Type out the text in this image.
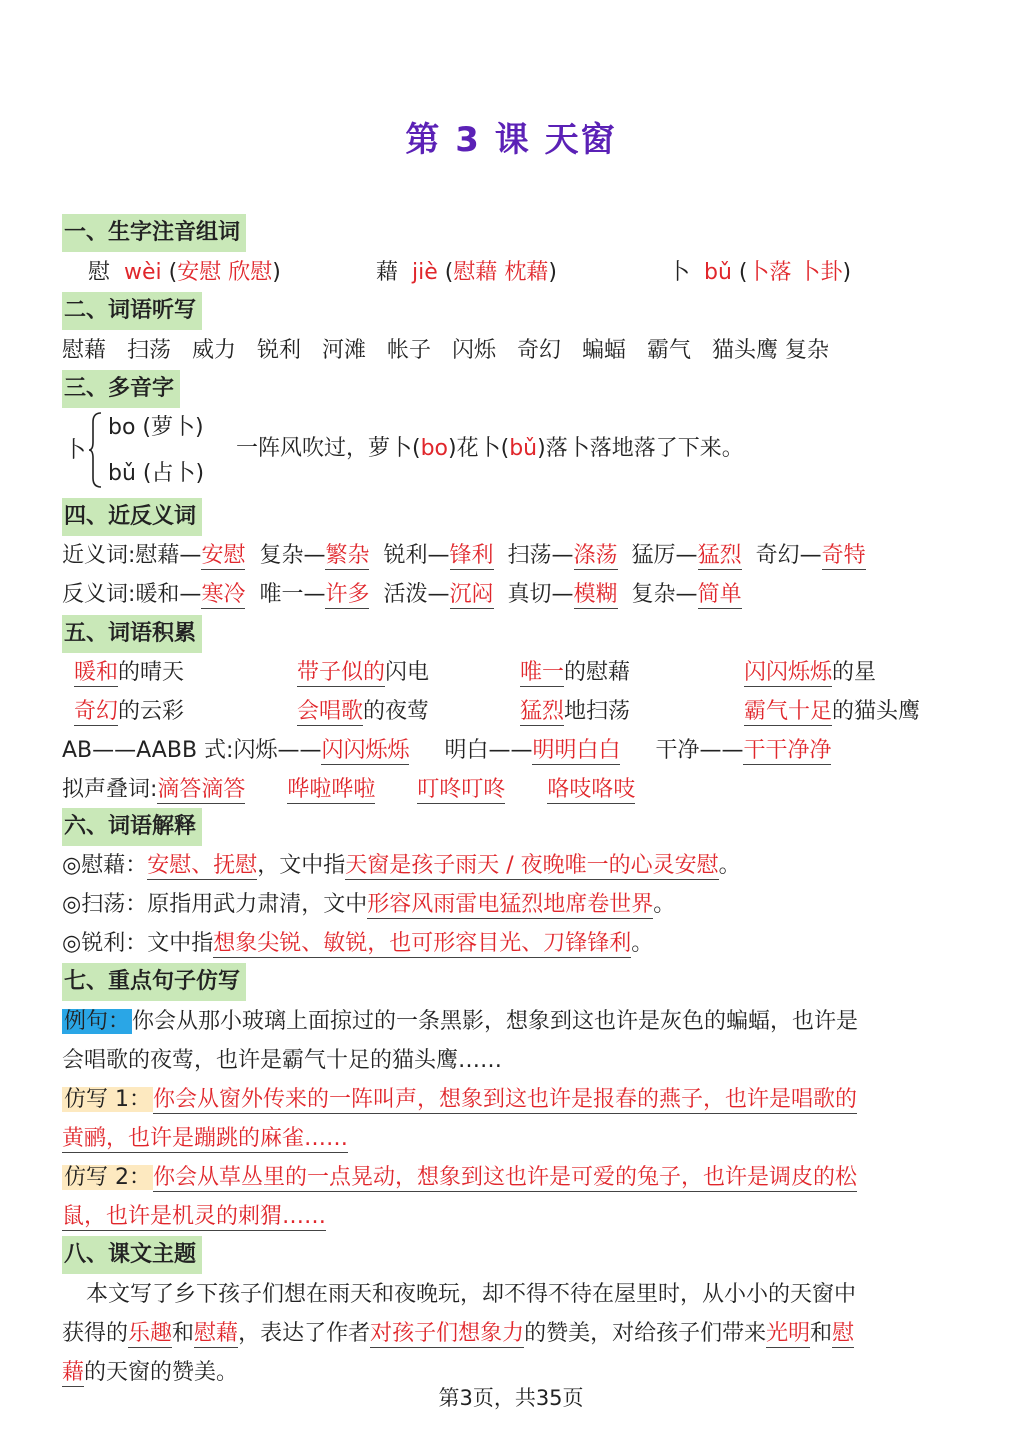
第 3 课 天窗
一、生字注音组词
慰 wèi (安慰 欣慰)	藉 jiè (慰藉 枕藉)	卜 bǔ (卜落 卜卦)
二、词语听写
慰藉 扫荡 威力 锐利 河滩 帐子 闪烁 奇幻 蝙蝠 霸气 猫头鹰 复杂
三、多音字
卜
bo (萝卜)
bǔ (占卜)
一阵风吹过，萝卜(bo)花卜(bǔ)落卜落地落了下来。
四、近反义词
近义词:慰藉—安慰 复杂—繁杂 锐利—锋利 扫荡—涤荡 猛厉—猛烈 奇幻—奇特
反义词:暖和—寒冷 唯一—许多 活泼—沉闷 真切—模糊 复杂—简单
五、词语积累
暖和的晴天	带子似的闪电	唯一的慰藉	闪闪烁烁的星
奇幻的云彩	会唱歌的夜莺	猛烈地扫荡	霸气十足的猫头鹰
AB——AABB 式:闪烁——闪闪烁烁 明白——明明白白 干净——干干净净
拟声叠词:滴答滴答 哗啦哗啦 叮咚叮咚 咯吱咯吱
六、词语解释
◎慰藉：安慰、抚慰，文中指天窗是孩子雨天 / 夜晚唯一的心灵安慰。
◎扫荡：原指用武力肃清，文中形容风雨雷电猛烈地席卷世界。
◎锐利：文中指想象尖锐、敏锐，也可形容目光、刀锋锋利。
七、重点句子仿写
例句：你会从那小玻璃上面掠过的一条黑影，想象到这也许是灰色的蝙蝠，也许是
会唱歌的夜莺，也许是霸气十足的猫头鹰……
仿写 1：你会从窗外传来的一阵叫声，想象到这也许是报春的燕子，也许是唱歌的
黄鹂，也许是蹦跳的麻雀……
仿写 2：你会从草丛里的一点晃动，想象到这也许是可爱的兔子，也许是调皮的松
鼠，也许是机灵的刺猬……
八、课文主题
本文写了乡下孩子们想在雨天和夜晚玩，却不得不待在屋里时，从小小的天窗中
获得的乐趣和慰藉，表达了作者对孩子们想象力的赞美，对给孩子们带来光明和慰
藉的天窗的赞美。
第3页，共35页
